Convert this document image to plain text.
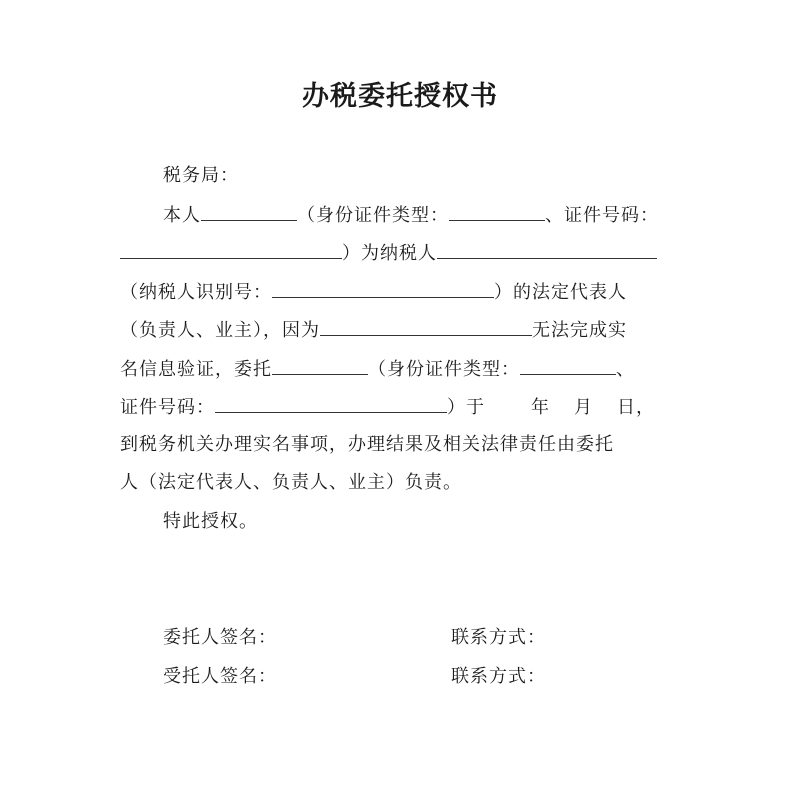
办税委托授权书
税务局：
本人	（身份证件类型：	、证件号码：
）为纳税人
（纳税人识别号：	）的法定代表人
（负责人、业主），因为	无法完成实
名信息验证，委托	（身份证件类型：	、
证件号码：	）于	年 月 日，
到税务机关办理实名事项，办理结果及相关法律责任由委托
人（法定代表人、负责人、业主）负责。
特此授权。
委托人签名：	联系方式：
受托人签名：	联系方式：
